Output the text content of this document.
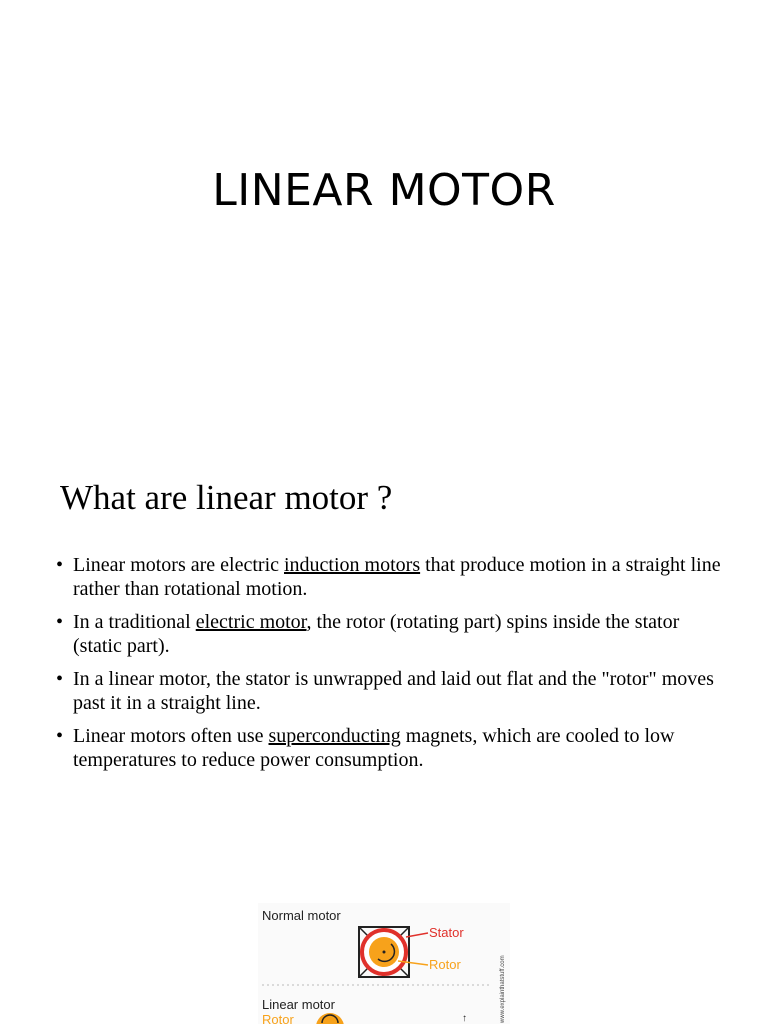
LINEAR MOTOR
What are linear motor ?
• Linear motors are electric induction motors that produce motion in a straight line rather than rotational motion.
• In a traditional electric motor, the rotor (rotating part) spins inside the stator (static part).
• In a linear motor, the stator is unwrapped and laid out flat and the "rotor" moves past it in a straight line.
• Linear motors often use superconducting magnets, which are cooled to low temperatures to reduce power consumption.
Normal motor
Stator
Rotor
Linear motor
Rotor	↑	www.explainthatstuff.com
